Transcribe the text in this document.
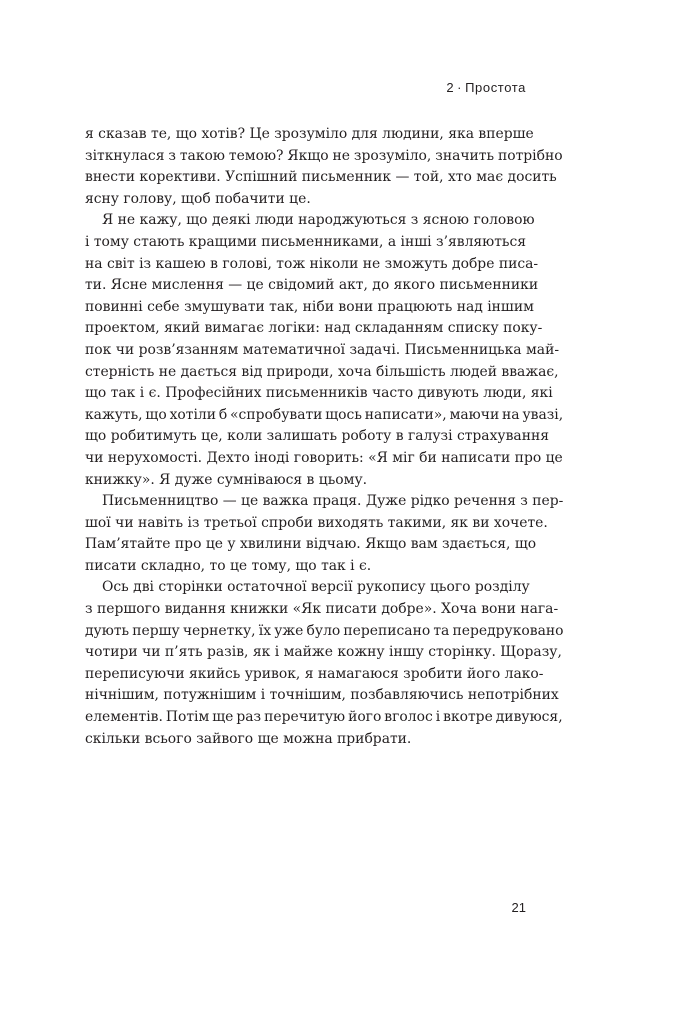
2 · Простота
я сказав те, що хотів? Це зрозуміло для людини, яка вперше
зіткнулася з такою темою? Якщо не зрозуміло, значить потрібно
внести корективи. Успішний письменник — той, хто має досить
ясну голову, щоб побачити це.
Я не кажу, що деякі люди народжуються з ясною головою
і тому стають кращими письменниками, а інші з’являються
на світ із кашею в голові, тож ніколи не зможуть добре писа-
ти. Ясне мислення — це свідомий акт, до якого письменники
повинні себе змушувати так, ніби вони працюють над іншим
проектом, який вимагає логіки: над складанням списку поку-
пок чи розв’язанням математичної задачі. Письменницька май-
стерність не дається від природи, хоча більшість людей вважає,
що так і є. Професійних письменників часто дивують люди, які
кажуть, що хотіли б «спробувати щось написати», маючи на увазі,
що робитимуть це, коли залишать роботу в галузі страхування
чи нерухомості. Дехто іноді говорить: «Я міг би написати про це
книжку». Я дуже сумніваюся в цьому.
Письменництво — це важка праця. Дуже рідко речення з пер-
шої чи навіть із третьої спроби виходять такими, як ви хочете.
Пам’ятайте про це у хвилини відчаю. Якщо вам здається, що
писати складно, то це тому, що так і є.
Ось дві сторінки остаточної версії рукопису цього розділу
з першого видання книжки «Як писати добре». Хоча вони нага-
дують першу чернетку, їх уже було переписано та передруковано
чотири чи п’ять разів, як і майже кожну іншу сторінку. Щоразу,
переписуючи якийсь уривок, я намагаюся зробити його лако-
нічнішим, потужнішим і точнішим, позбавляючись непотрібних
елементів. Потім ще раз перечитую його вголос і вкотре дивуюся,
скільки всього зайвого ще можна прибрати.
21
